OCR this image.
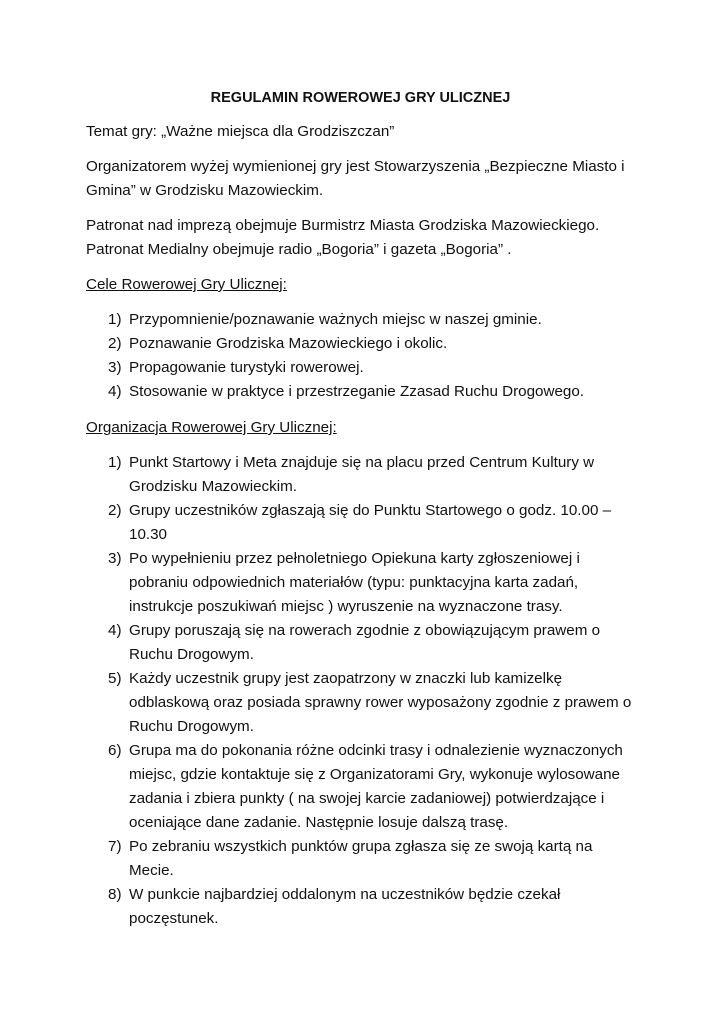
REGULAMIN ROWEROWEJ GRY ULICZNEJ

Temat gry: „Ważne miejsca dla Grodziszczan”

Organizatorem wyżej wymienionej gry jest Stowarzyszenia „Bezpieczne Miasto i Gmina” w Grodzisku Mazowieckim.

Patronat nad imprezą obejmuje Burmistrz Miasta Grodziska Mazowieckiego. Patronat Medialny obejmuje radio „Bogoria” i gazeta „Bogoria” .

Cele Rowerowej Gry Ulicznej:
1) Przypomnienie/poznawanie ważnych miejsc w naszej gminie.
2) Poznawanie Grodziska Mazowieckiego i okolic.
3) Propagowanie turystyki rowerowej.
4) Stosowanie w praktyce i przestrzeganie Zzasad Ruchu Drogowego.
Organizacja Rowerowej Gry Ulicznej:
1) Punkt Startowy i Meta znajduje się na placu przed Centrum Kultury w Grodzisku Mazowieckim.
2) Grupy uczestników zgłaszają się do Punktu Startowego o godz. 10.00 – 10.30
3) Po wypełnieniu przez pełnoletniego Opiekuna karty zgłoszeniowej i pobraniu odpowiednich materiałów (typu: punktacyjna karta zadań, instrukcje poszukiwań miejsc ) wyruszenie na wyznaczone trasy.
4) Grupy poruszają się na rowerach zgodnie z obowiązującym prawem o Ruchu Drogowym.
5) Każdy uczestnik grupy jest zaopatrzony w znaczki lub kamizelkę odblaskową oraz posiada sprawny rower wyposażony zgodnie z prawem o Ruchu Drogowym.
6) Grupa ma do pokonania różne odcinki trasy i odnalezienie wyznaczonych miejsc, gdzie kontaktuje się z Organizatorami Gry, wykonuje wylosowane zadania i zbiera punkty ( na swojej karcie zadaniowej) potwierdzające i oceniające dane zadanie. Następnie losuje dalszą trasę.
7) Po zebraniu wszystkich punktów grupa zgłasza się ze swoją kartą na Mecie.
8) W punkcie najbardziej oddalonym na uczestników będzie czekał poczęstunek.
